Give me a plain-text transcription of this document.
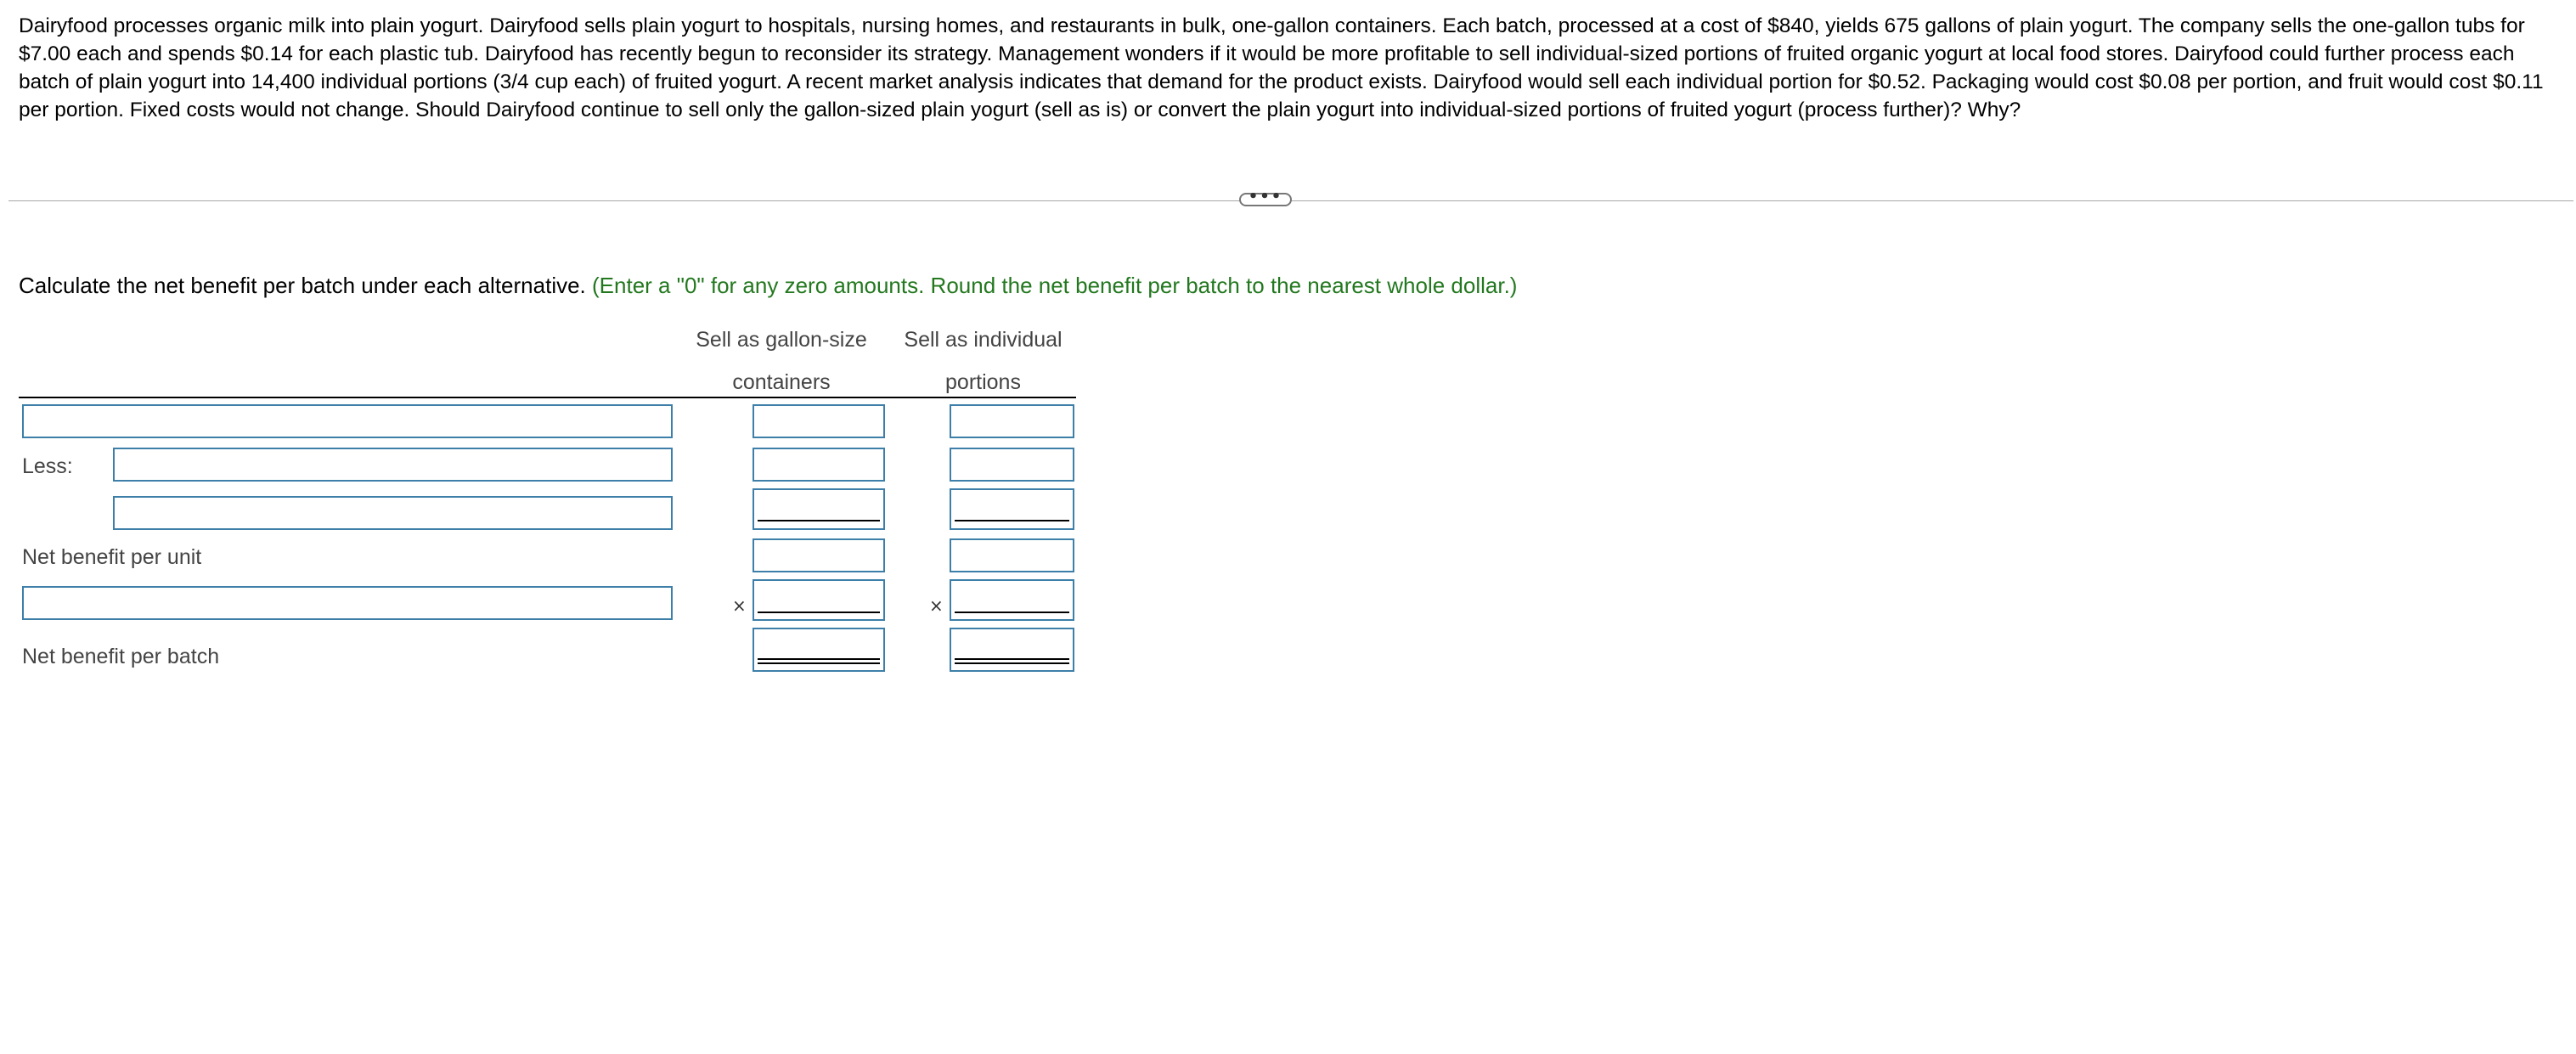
Dairyfood processes organic milk into plain yogurt. Dairyfood sells plain yogurt to hospitals, nursing homes, and restaurants in bulk, one-gallon containers. Each batch, processed at a cost of $840, yields 675 gallons of plain yogurt. The company sells the one-gallon tubs for $7.00 each and spends $0.14 for each plastic tub. Dairyfood has recently begun to reconsider its strategy. Management wonders if it would be more profitable to sell individual-sized portions of fruited organic yogurt at local food stores. Dairyfood could further process each batch of plain yogurt into 14,400 individual portions (3/4 cup each) of fruited yogurt. A recent market analysis indicates that demand for the product exists. Dairyfood would sell each individual portion for $0.52. Packaging would cost $0.08 per portion, and fruit would cost $0.11 per portion. Fixed costs would not change. Should Dairyfood continue to sell only the gallon-sized plain yogurt (sell as is) or convert the plain yogurt into individual-sized portions of fruited yogurt (process further)? Why?
•••
Calculate the net benefit per batch under each alternative. (Enter a "0" for any zero amounts. Round the net benefit per batch to the nearest whole dollar.)
Sell as gallon-size
containers
Sell as individual
portions
Less:
Net benefit per unit
×	×
Net benefit per batch
